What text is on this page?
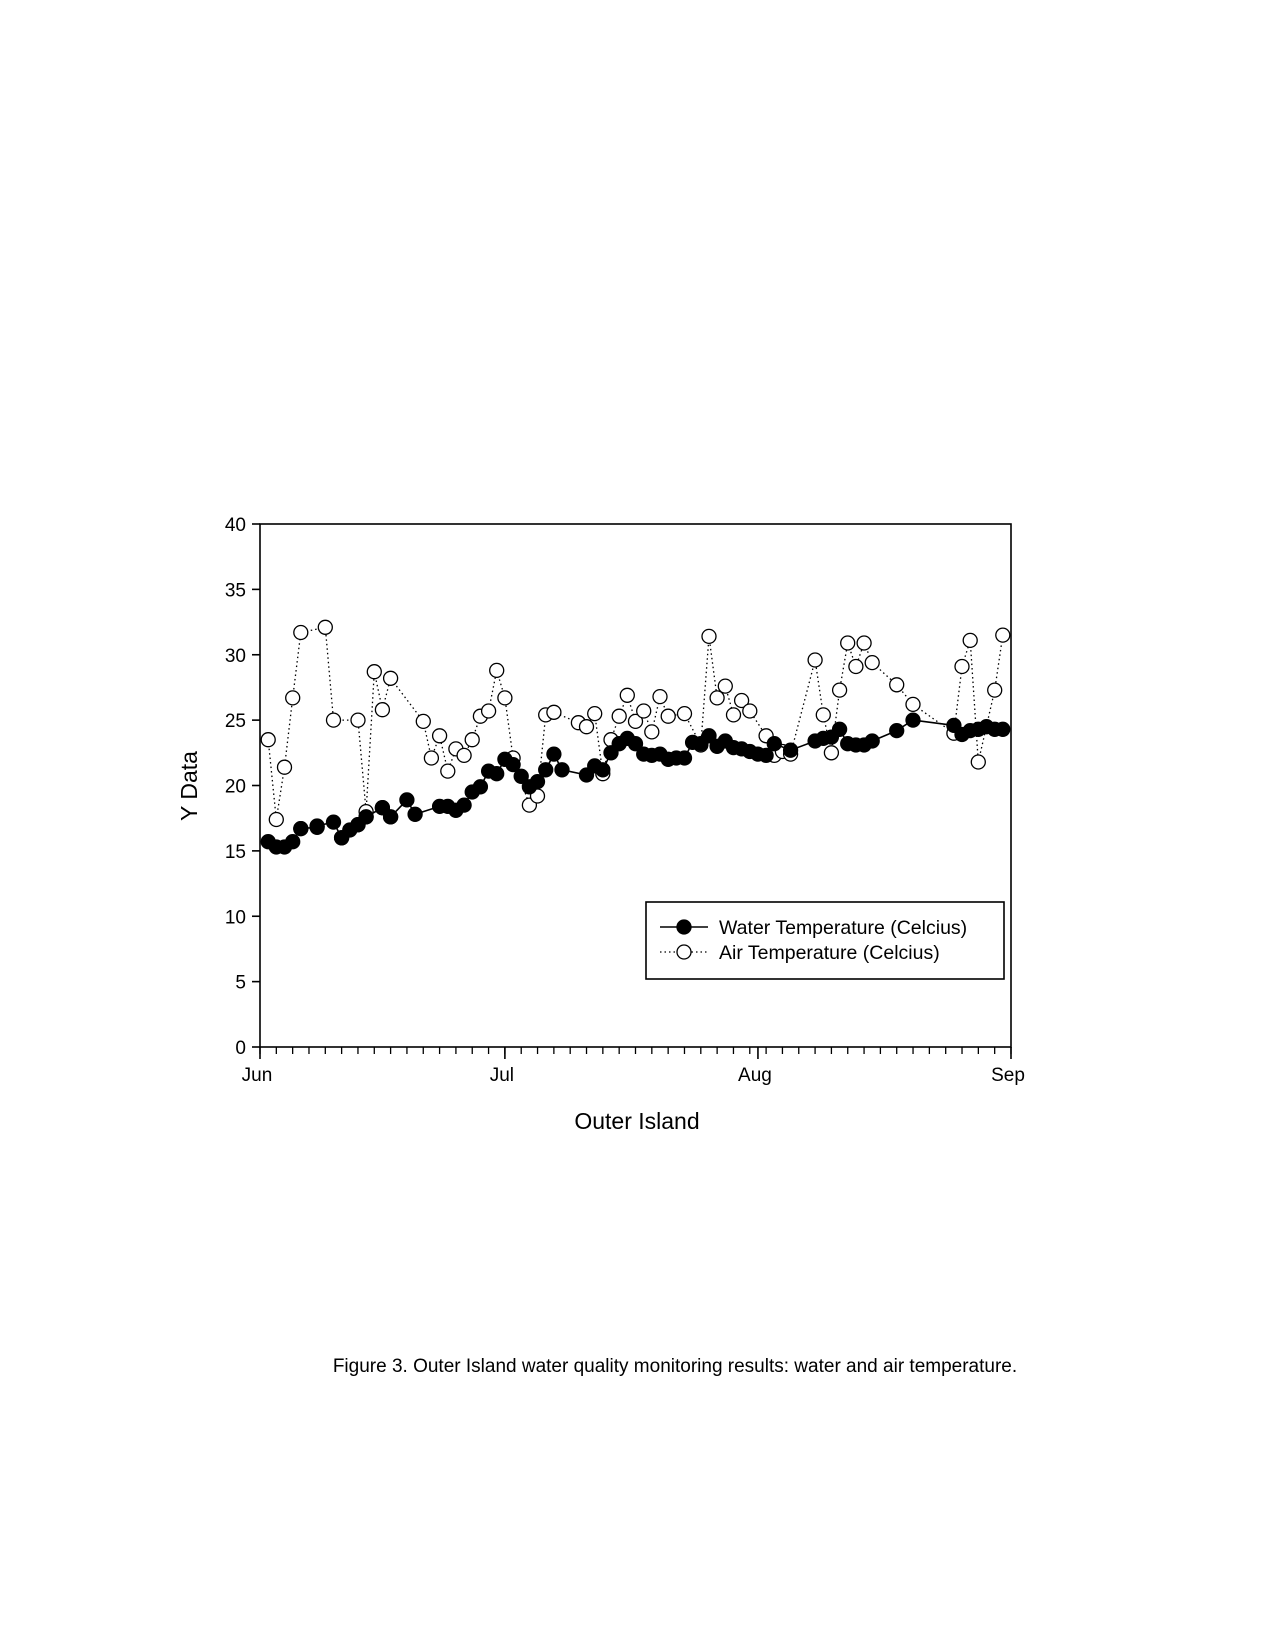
0
5
10
15
20
25
30
35
40
Jun	Jul	Aug	Sep
Y Data
Outer Island
Water Temperature (Celcius)
Air Temperature (Celcius)
Figure 3. Outer Island water quality monitoring results: water and air temperature.
